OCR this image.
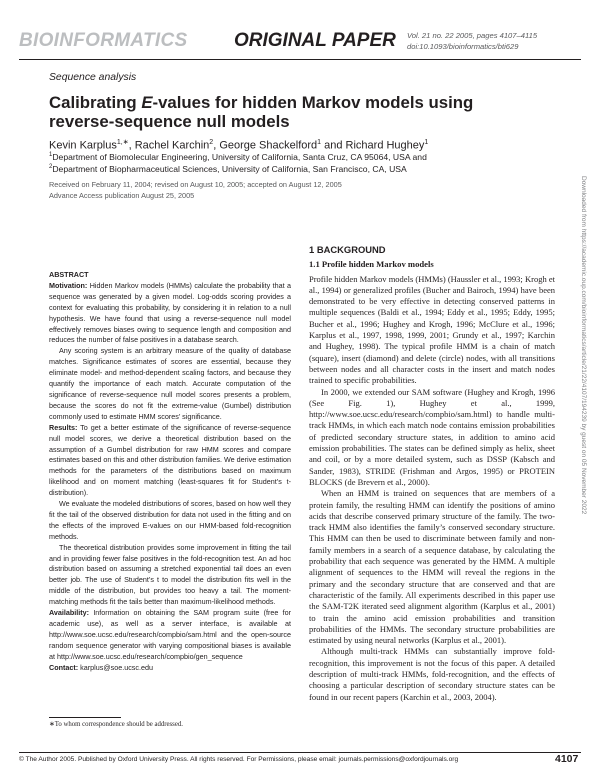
BIOINFORMATICS ORIGINAL PAPER Vol. 21 no. 22 2005, pages 4107–4115
doi:10.1093/bioinformatics/bti629
Sequence analysis
Calibrating E-values for hidden Markov models using
reverse-sequence null models
Kevin Karplus$^{1,∗}$, Rachel Karchin$^2$, George Shackelford$^1$ and Richard Hughey$^1$
$^1$Department of Biomolecular Engineering, University of California, Santa Cruz, CA 95064, USA and
$^2$Department of Biopharmaceutical Sciences, University of California, San Francisco, CA, USA
Received on February 11, 2004; revised on August 10, 2005; accepted on August 12, 2005
Advance Access publication August 25, 2005	Downloaded from https://academic.oup.com/bioinformatics/article/21/22/4107/194239 by guest on 05 November 2022

ABSTRACT

Motivation: Hidden Markov models (HMMs) calculate the probability that a sequence was generated by a given model. Log-odds scoring provides a context for evaluating this probability, by considering it in relation to a null hypothesis. We have found that using a reverse-sequence null model effectively removes biases owing to sequence length and composition and reduces the number of false positives in a database search.

Any scoring system is an arbitrary measure of the quality of database matches. Significance estimates of scores are essential, because they eliminate model- and method-dependent scaling factors, and because they quantify the importance of each match. Accurate computation of the significance of reverse-sequence null model scores presents a problem, because the scores do not fit the extreme-value (Gumbel) distribution commonly used to estimate HMM scores’ significance.

Results: To get a better estimate of the significance of reverse-sequence null model scores, we derive a theoretical distribution based on the assumption of a Gumbel distribution for raw HMM scores and compare estimates based on this and other distribution families. We derive estimation methods for the parameters of the distributions based on maximum likelihood and on moment matching (least-squares fit for Student’s t-distribution).

We evaluate the modeled distributions of scores, based on how well they fit the tail of the observed distribution for data not used in the fitting and on the effects of the improved E-values on our HMM-based fold-recognition methods.

The theoretical distribution provides some improvement in fitting the tail and in providing fewer false positives in the fold-recognition test. An ad hoc distribution based on assuming a stretched exponential tail does an even better job. The use of Student’s t to model the distribution fits well in the middle of the distribution, but provides too heavy a tail. The moment-matching methods fit the tails better than maximum-likelihood methods.

Availability: Information on obtaining the SAM program suite (free for academic use), as well as a server interface, is available at http://www.soe.ucsc.edu/research/compbio/sam.html and the open-source random sequence generator with varying compositional biases is available at http://www.soe.ucsc.edu/research/compbio/gen_sequence

Contact: karplus@soe.ucsc.edu

1 BACKGROUND

1.1 Profile hidden Markov models

Profile hidden Markov models (HMMs) (Haussler et al., 1993; Krogh et al., 1994) or generalized profiles (Bucher and Bairoch, 1994) have been demonstrated to be very effective in detecting conserved patterns in multiple sequences (Baldi et al., 1994; Eddy et al., 1995; Eddy, 1995; Bucher et al., 1996; Hughey and Krogh, 1996; McClure et al., 1996; Karplus et al., 1997, 1998, 1999, 2001; Grundy et al., 1997; Karchin and Hughey, 1998). The typical profile HMM is a chain of match (square), insert (diamond) and delete (circle) nodes, with all transitions between nodes and all character costs in the insert and match nodes trained to specific probabilities.

In 2000, we extended our SAM software (Hughey and Krogh, 1996 (See Fig. 1), Hughey et al., 1999, http://www.soe.ucsc.edu/research/compbio/sam.html) to handle multi-track HMMs, in which each match node contains emission probabilities of predicted secondary structure states, in addition to amino acid emission probabilities. The states can be defined simply as helix, sheet and coil, or by a more detailed system, such as DSSP (Kabsch and Sander, 1983), STRIDE (Frishman and Argos, 1995) or PROTEIN BLOCKS (de Brevern et al., 2000).

When an HMM is trained on sequences that are members of a protein family, the resulting HMM can identify the positions of amino acids that describe conserved primary structure of the family. The two-track HMM also identifies the family’s conserved secondary structure. This HMM can then be used to discriminate between family and non-family members in a search of a sequence database, by calculating the probability that each sequence was generated by the HMM. A multiple alignment of sequences to the HMM will reveal the regions in the primary and the secondary structure that are conserved and that are characteristic of the family. All experiments described in this paper use the SAM-T2K iterated seed alignment algorithm (Karplus et al., 2001) to train the amino acid emission probabilities and transition probabilities of the HMMs. The secondary structure probabilities are estimated by using neural networks (Karplus et al., 2001).

Although multi-track HMMs can substantially improve fold-recognition, this improvement is not the focus of this paper. A detailed description of multi-track HMMs, fold-recognition, and the effects of choosing a particular description of secondary structure states can be found in our recent papers (Karchin et al., 2003, 2004).

∗To whom correspondence should be addressed.
© The Author 2005. Published by Oxford University Press. All rights reserved. For Permissions, please email: journals.permissions@oxfordjournals.org	4107
